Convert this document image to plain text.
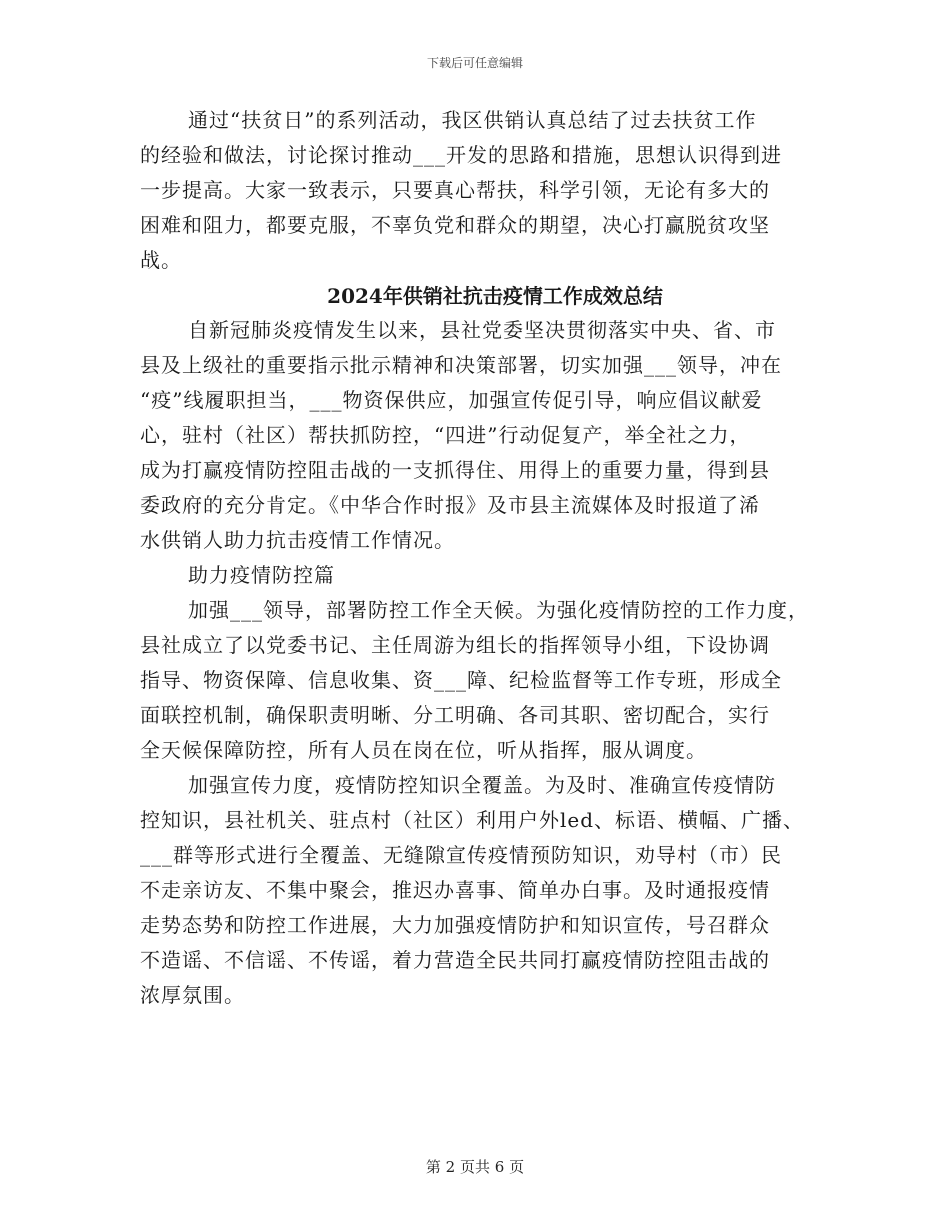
下载后可任意编辑
通过“扶贫日”的系列活动，我区供销认真总结了过去扶贫工作
的经验和做法，讨论探讨推动___开发的思路和措施，思想认识得到进
一步提高。大家一致表示，只要真心帮扶，科学引领，无论有多大的
困难和阻力，都要克服，不辜负党和群众的期望，决心打赢脱贫攻坚
战。
2024年供销社抗击疫情工作成效总结
自新冠肺炎疫情发生以来，县社党委坚决贯彻落实中央、省、市
县及上级社的重要指示批示精神和决策部署，切实加强___领导，冲在
“疫”线履职担当，___物资保供应，加强宣传促引导，响应倡议献爱
心，驻村（社区）帮扶抓防控，“四进”行动促复产，举全社之力，
成为打赢疫情防控阻击战的一支抓得住、用得上的重要力量，得到县
委政府的充分肯定。《中华合作时报》及市县主流媒体及时报道了浠
水供销人助力抗击疫情工作情况。
助力疫情防控篇
加强___领导，部署防控工作全天候。为强化疫情防控的工作力度，
县社成立了以党委书记、主任周游为组长的指挥领导小组，下设协调
指导、物资保障、信息收集、资___障、纪检监督等工作专班，形成全
面联控机制，确保职责明晰、分工明确、各司其职、密切配合，实行
全天候保障防控，所有人员在岗在位，听从指挥，服从调度。
加强宣传力度，疫情防控知识全覆盖。为及时、准确宣传疫情防
控知识，县社机关、驻点村（社区）利用户外led、标语、横幅、广播、
___群等形式进行全覆盖、无缝隙宣传疫情预防知识，劝导村（市）民
不走亲访友、不集中聚会，推迟办喜事、简单办白事。及时通报疫情
走势态势和防控工作进展，大力加强疫情防护和知识宣传，号召群众
不造谣、不信谣、不传谣，着力营造全民共同打赢疫情防控阻击战的
浓厚氛围。
第 2 页共 6 页
